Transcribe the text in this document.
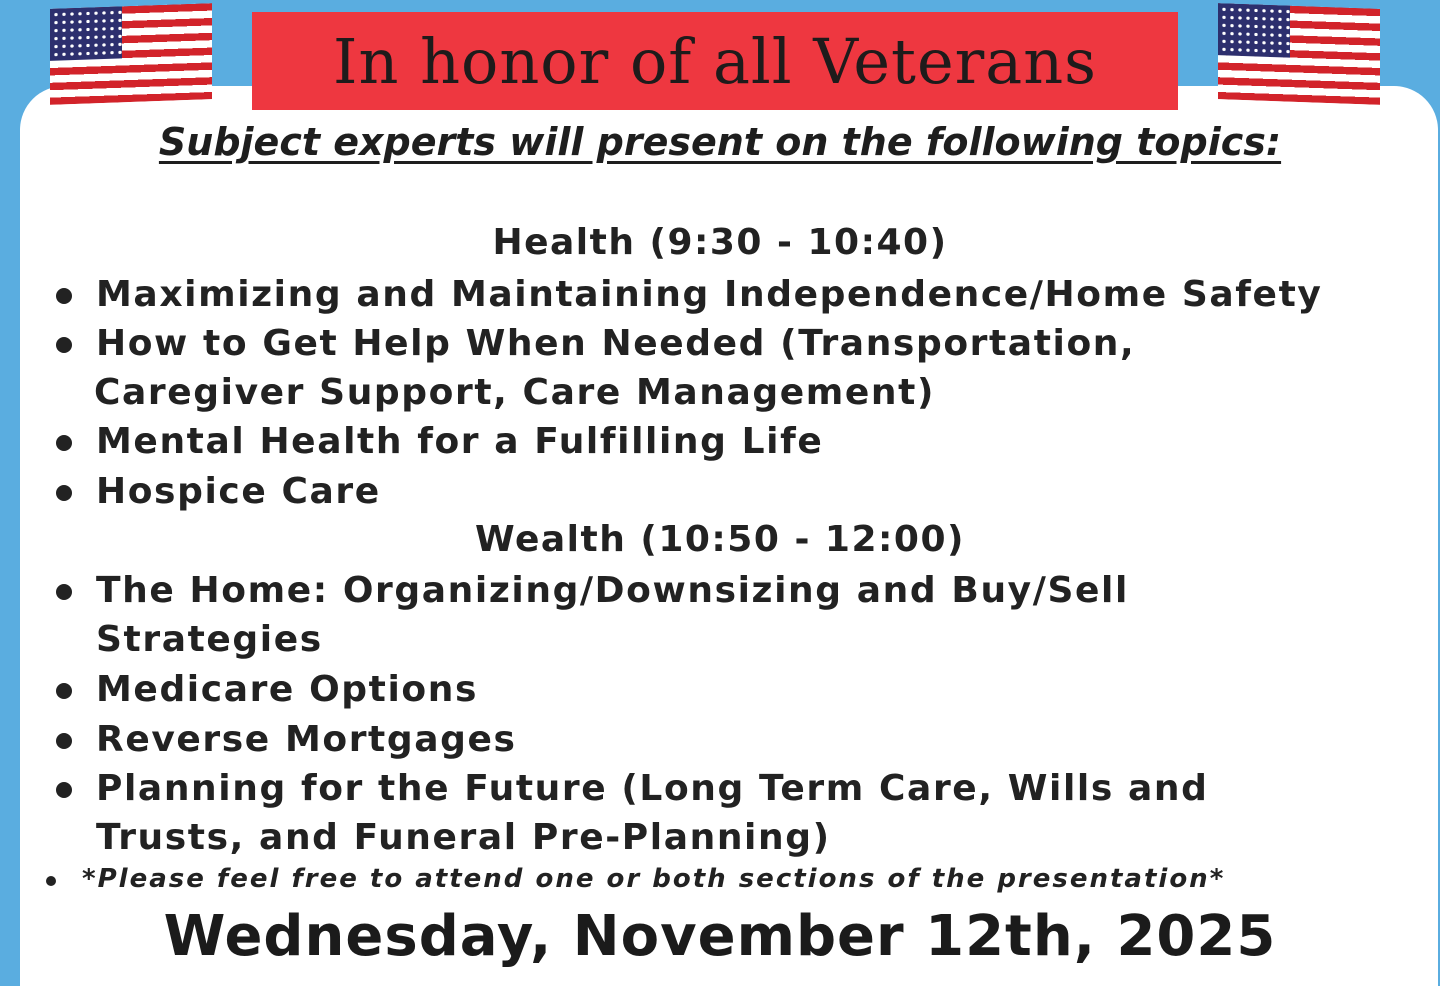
In honor of all Veterans
Subject experts will present on the following topics:
Health (9:30 - 10:40)
Maximizing and Maintaining Independence/Home Safety
How to Get Help When Needed (Transportation,
Caregiver Support, Care Management)
Mental Health for a Fulfilling Life
Hospice Care
Wealth (10:50 - 12:00)
The Home: Organizing/Downsizing and Buy/Sell
Strategies
Medicare Options
Reverse Mortgages
Planning for the Future (Long Term Care, Wills and
Trusts, and Funeral Pre-Planning)
*Please feel free to attend one or both sections of the presentation*
Wednesday, November 12th, 2025
